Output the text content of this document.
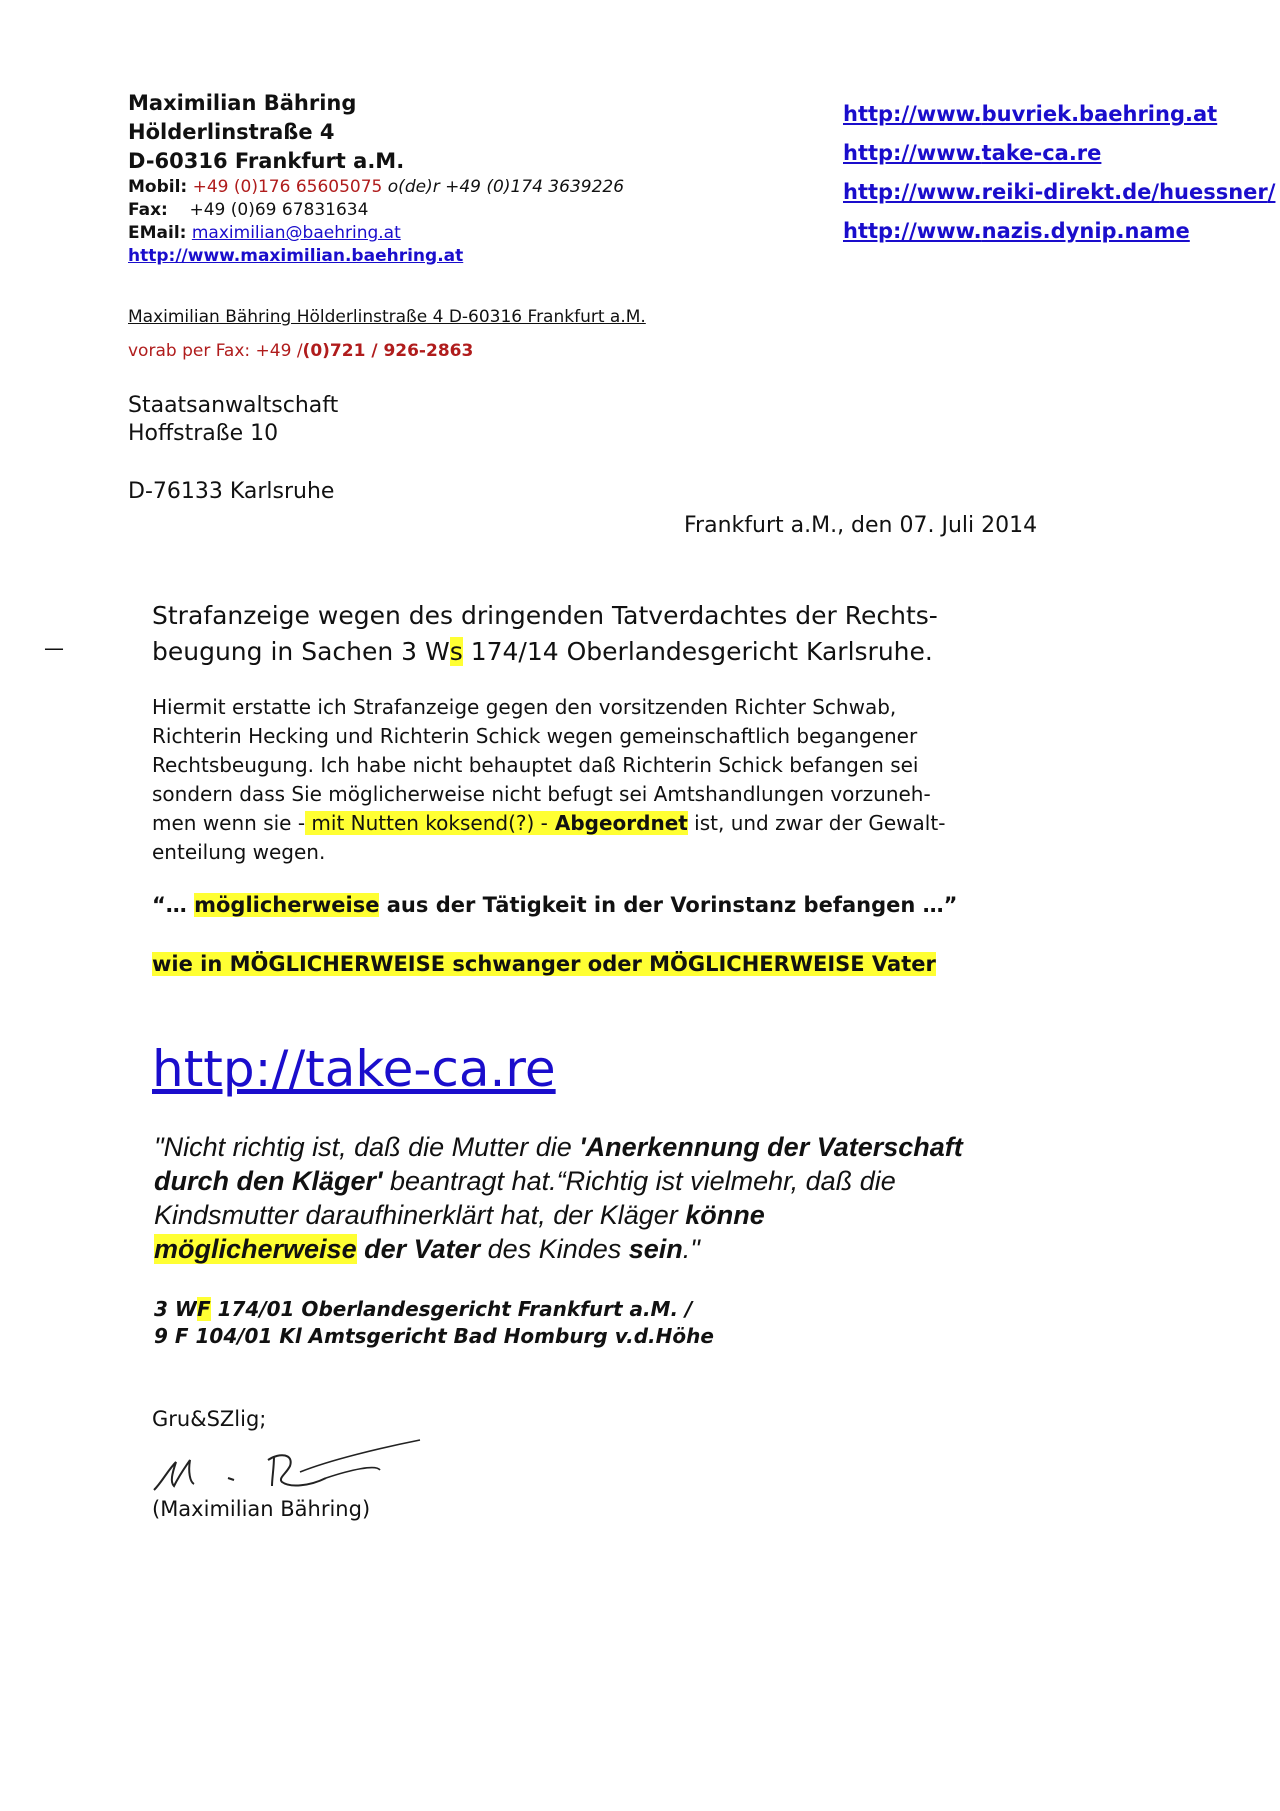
Maximilian Bähring
Hölderlinstraße 4
D-60316 Frankfurt a.M.
Mobil: +49 (0)176 65605075 o(de)r +49 (0)174 3639226
Fax: +49 (0)69 67831634
EMail: maximilian@baehring.at
http://www.maximilian.baehring.at
http://www.buvriek.baehring.at
http://www.take-ca.re
http://www.reiki-direkt.de/huessner/
http://www.nazis.dynip.name
Maximilian Bähring Hölderlinstraße 4 D-60316 Frankfurt a.M.
vorab per Fax: +49 /(0)721 / 926-2863
Staatsanwaltschaft
Hoffstraße 10
D-76133 Karlsruhe
Frankfurt a.M., den 07. Juli 2014
—
Strafanzeige wegen des dringenden Tatverdachtes der Rechts-
beugung in Sachen 3 Ws 174/14 Oberlandesgericht Karlsruhe.
Hiermit erstatte ich Strafanzeige gegen den vorsitzenden Richter Schwab, Richterin Hecking und Richterin Schick wegen gemeinschaftlich begangener Rechtsbeugung. Ich habe nicht behauptet daß Richterin Schick befangen sei sondern dass Sie möglicherweise nicht befugt sei Amtshandlungen vorzuneh-men wenn sie - mit Nutten koksend(?) - Abgeordnet ist, und zwar der Gewalt-enteilung wegen.
“… möglicherweise aus der Tätigkeit in der Vorinstanz befangen …”
wie in MÖGLICHERWEISE schwanger oder MÖGLICHERWEISE Vater
http://take-ca.re
"Nicht richtig ist, daß die Mutter die 'Anerkennung der Vaterschaft durch den Kläger' beantragt hat.“Richtig ist vielmehr, daß die Kindsmutter daraufhinerklärt hat, der Kläger könne möglicherweise der Vater des Kindes sein."
3 WF 174/01 Oberlandesgericht Frankfurt a.M. /
9 F 104/01 Kl Amtsgericht Bad Homburg v.d.Höhe
Gru&SZlig;
(Maximilian Bähring)
